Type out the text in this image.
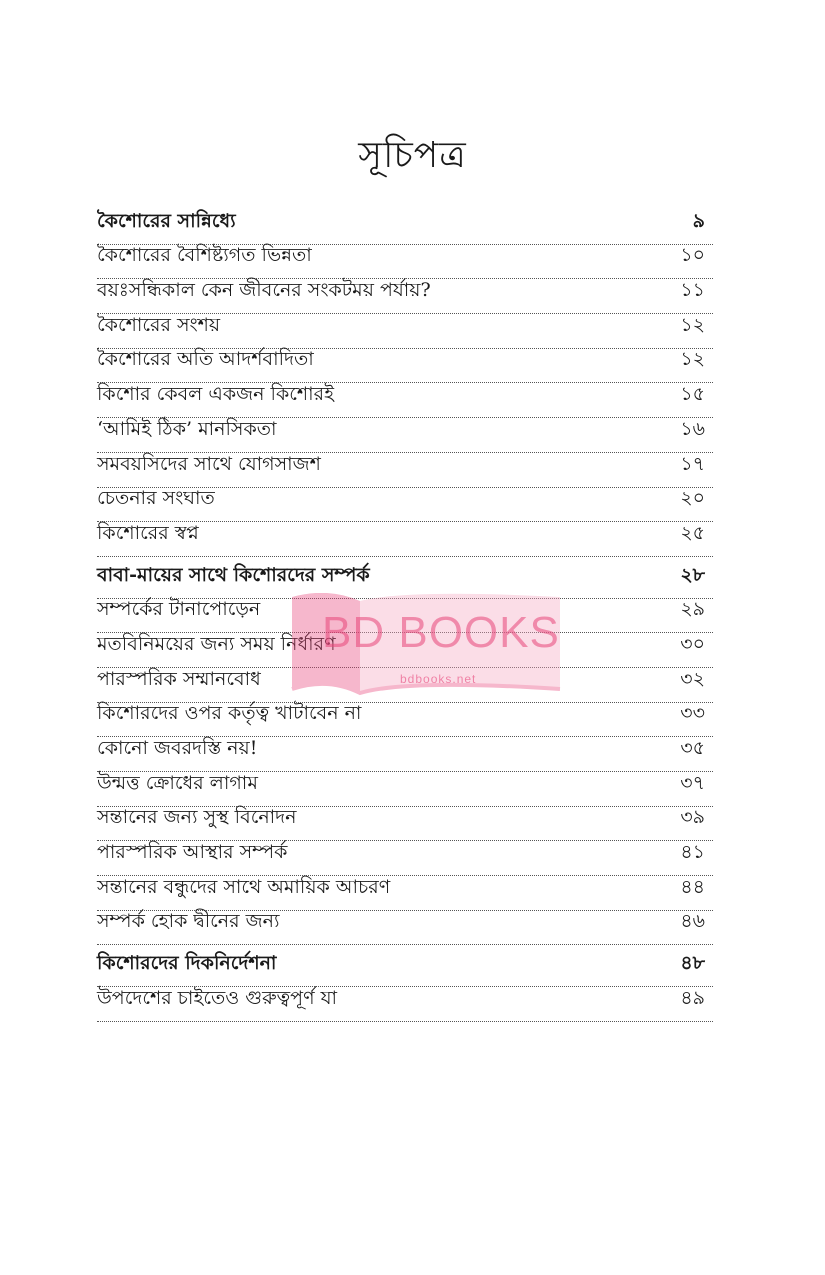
সূচিপত্র
কৈশোরের সান্নিধ্যে	৯
কৈশোরের বৈশিষ্ট্যগত ভিন্নতা	১০
বয়ঃসন্ধিকাল কেন জীবনের সংকটময় পর্যায়?	১১
কৈশোরের সংশয়	১২
কৈশোরের অতি আদর্শবাদিতা	১২
কিশোর কেবল একজন কিশোরই	১৫
‘আমিই ঠিক’ মানসিকতা	১৬
সমবয়সিদের সাথে যোগসাজশ	১৭
চেতনার সংঘাত	২০
কিশোরের স্বপ্ন	২৫
বাবা-মায়ের সাথে কিশোরদের সম্পর্ক	২৮
সম্পর্কের টানাপোড়েন	২৯
মতবিনিময়ের জন্য সময় নির্ধারণ	৩০
পারস্পরিক সম্মানবোধ	৩২
কিশোরদের ওপর কর্তৃত্ব খাটাবেন না	৩৩
কোনো জবরদস্তি নয়!	৩৫
উন্মত্ত ক্রোধের লাগাম	৩৭
সন্তানের জন্য সুস্থ বিনোদন	৩৯
পারস্পরিক আস্থার সম্পর্ক	৪১
সন্তানের বন্ধুদের সাথে অমায়িক আচরণ	৪৪
সম্পর্ক হোক দ্বীনের জন্য	৪৬
কিশোরদের দিকনির্দেশনা	৪৮
উপদেশের চাইতেও গুরুত্বপূর্ণ যা	৪৯
BD BOOKS
bdbooks.net
